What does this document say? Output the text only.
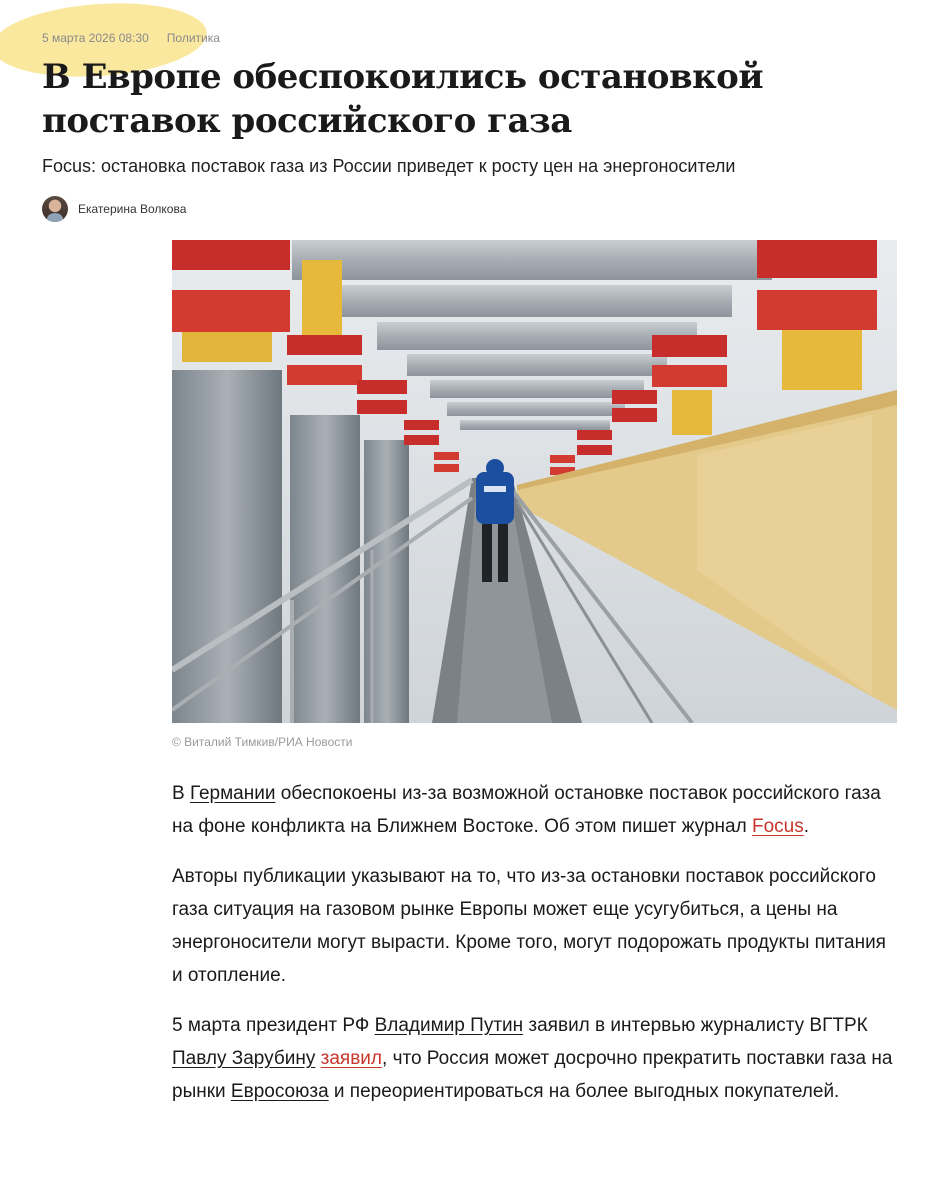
5 марта 2026 08:30 Политика
В Европе обеспокоились остановкой поставок российского газа

Focus: остановка поставок газа из России приведет к росту цен на энергоносители

Екатерина Волкова
© Виталий Тимкив/РИА Новости

В Германии обеспокоены из-за возможной остановке поставок российского газа на фоне конфликта на Ближнем Востоке. Об этом пишет журнал Focus.

Авторы публикации указывают на то, что из-за остановки поставок российского газа ситуация на газовом рынке Европы может еще усугубиться, а цены на энергоносители могут вырасти. Кроме того, могут подорожать продукты питания и отопление.

5 марта президент РФ Владимир Путин заявил в интервью журналисту ВГТРК Павлу Зарубину заявил, что Россия может досрочно прекратить поставки газа на рынки Евросоюза и переориентироваться на более выгодных покупателей.
